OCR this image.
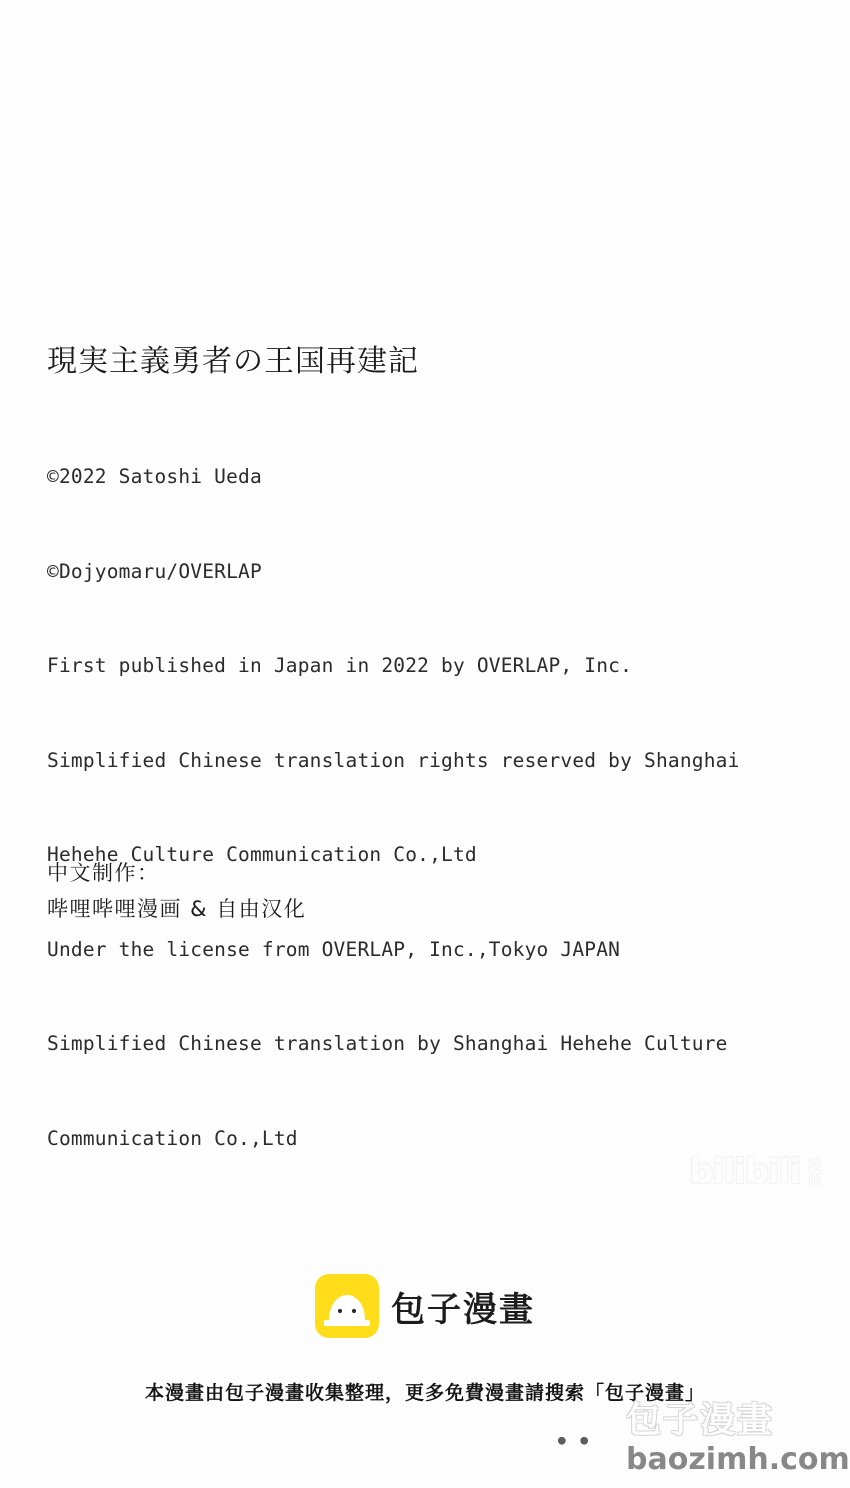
現実主義勇者の王国再建記

©2022 Satoshi Ueda

©Dojyomaru/OVERLAP

First published in Japan in 2022 by OVERLAP, Inc.

Simplified Chinese translation rights reserved by Shanghai

Hehehe Culture Communication Co.,Ltd

Under the license from OVERLAP, Inc.,Tokyo JAPAN

Simplified Chinese translation by Shanghai Hehehe Culture

Communication Co.,Ltd

中文制作：
哔哩哔哩漫画 & 自由汉化
bilibili 漫画
包子漫畫
本漫畫由包子漫畫收集整理，更多免費漫畫請搜索「包子漫畫」
包子漫畫
baozimh.com
